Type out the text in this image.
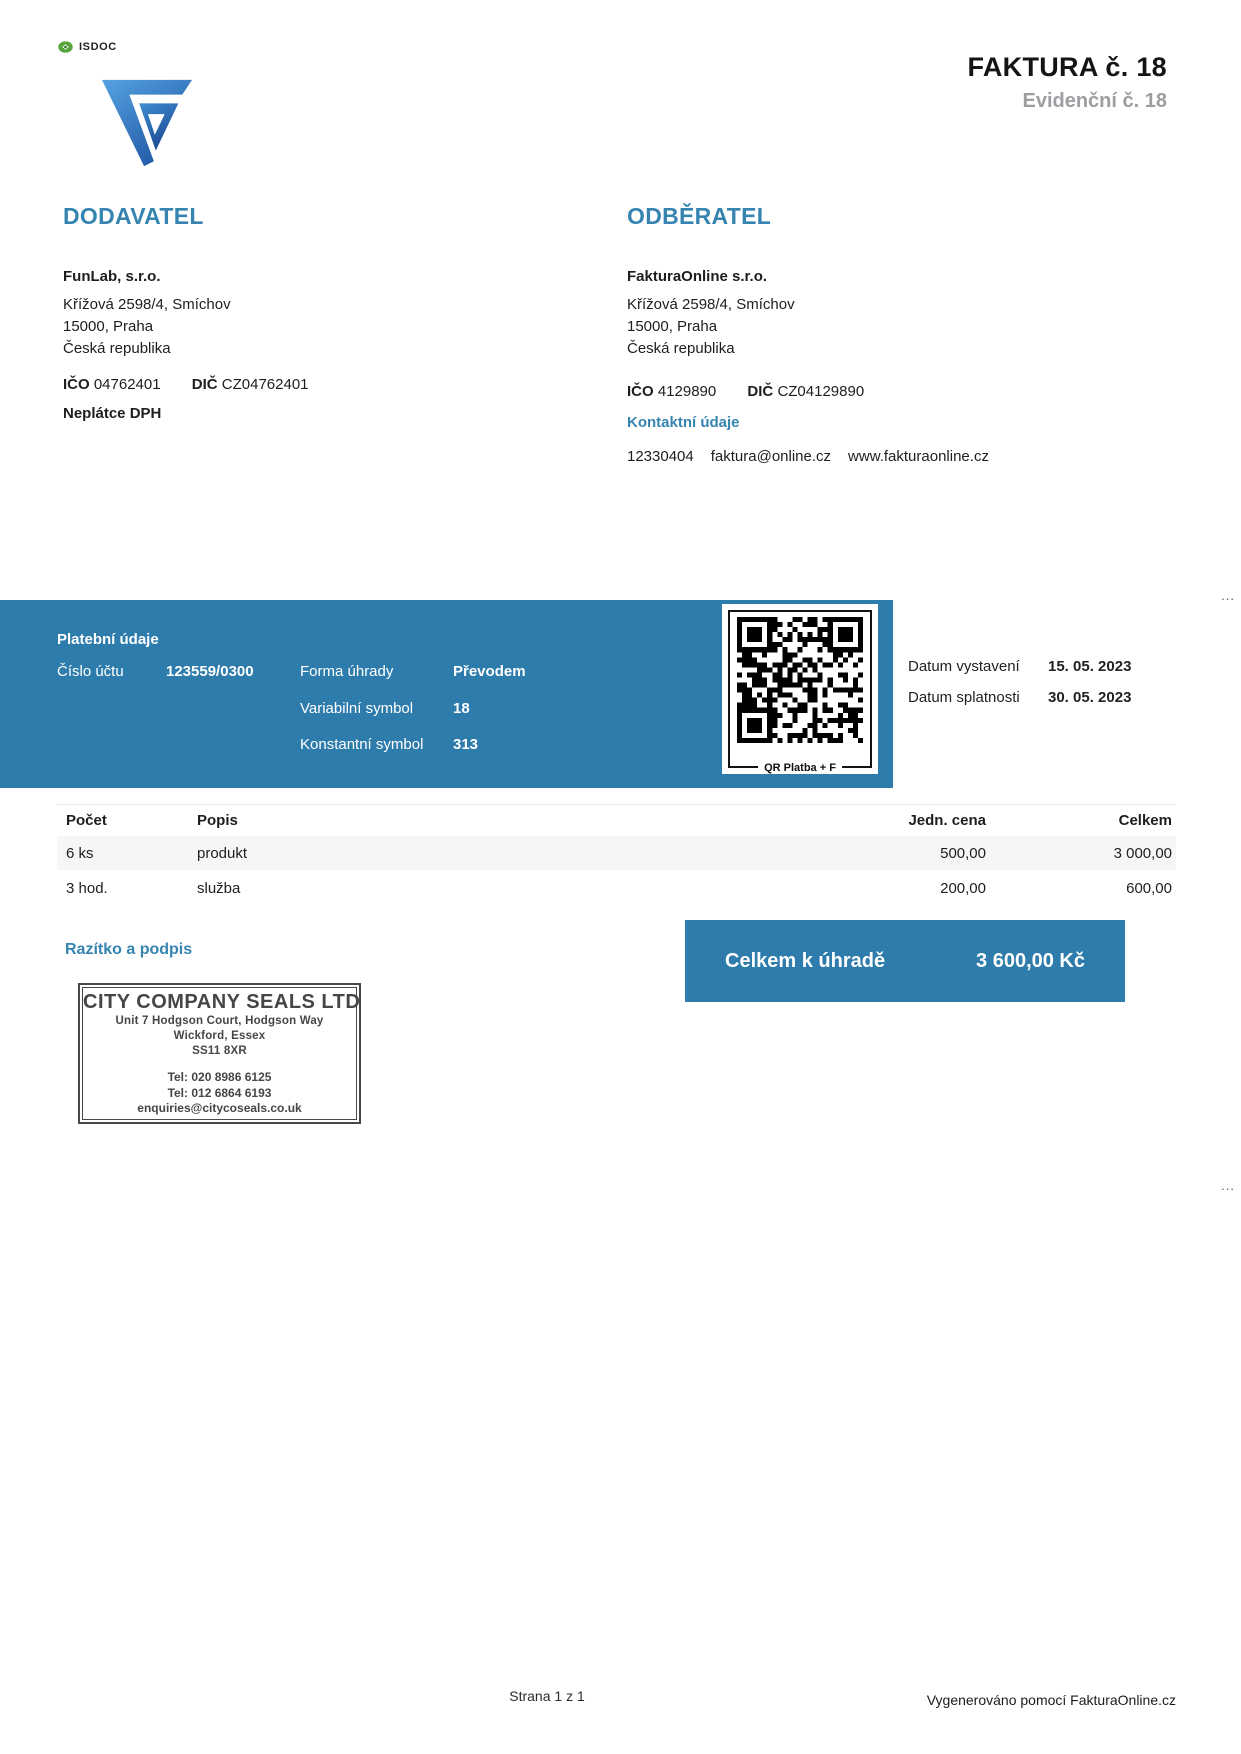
ISDOC
FAKTURA č. 18
Evidenční č. 18
DODAVATEL
FunLab, s.r.o.
Křížová 2598/4, Smíchov
15000, Praha
Česká republika
IČO 04762401 DIČ CZ04762401
Neplátce DPH
ODBĚRATEL
FakturaOnline s.r.o.
Křížová 2598/4, Smíchov
15000, Praha
Česká republika
IČO 4129890 DIČ CZ04129890
Kontaktní údaje
12330404 faktura@online.cz www.fakturaonline.cz
Platební údaje
Číslo účtu	123559/0300	Forma úhrady	Převodem
Variabilní symbol	18
Konstantní symbol 313
QR Platba + F
Datum vystavení	15. 05. 2023
Datum splatnosti	30. 05. 2023
Počet	Popis	Jedn. cena	Celkem
6 ks	produkt	500,00	3 000,00
3 hod.	služba	200,00	600,00
Razítko a podpis
CITY COMPANY SEALS LTD
Unit 7 Hodgson Court, Hodgson Way
Wickford, Essex
SS11 8XR
Tel: 020 8986 6125
Tel: 012 6864 6193
enquiries@citycoseals.co.uk
Celkem k úhradě	3 600,00 Kč
Strana 1 z 1	Vygenerováno pomocí FakturaOnline.cz
...
...
